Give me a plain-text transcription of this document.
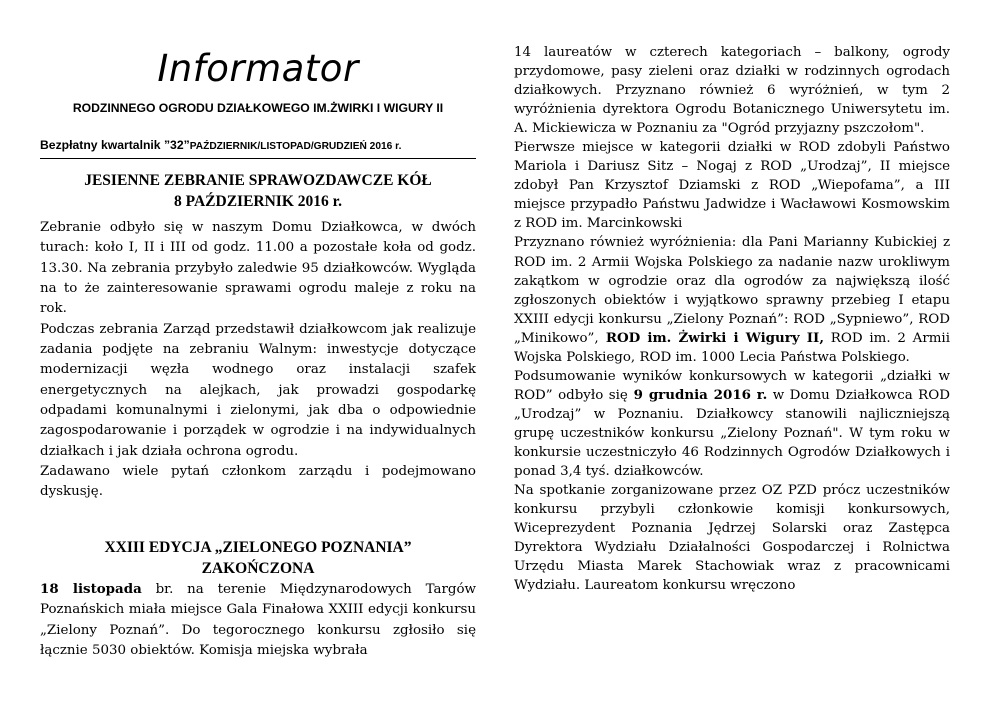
Informator
RODZINNEGO OGRODU DZIAŁKOWEGO IM.ŻWIRKI I WIGURY II
Bezpłatny kwartalnik ”32”PAŹDZIERNIK/LISTOPAD/GRUDZIEŃ 2016 r.
JESIENNE ZEBRANIE SPRAWOZDAWCZE KÓŁ
8 PAŹDZIERNIK 2016 r.

Zebranie odbyło się w naszym Domu Działkowca, w dwóch turach: koło I, II i III od godz. 11.00 a pozostałe koła od godz. 13.30. Na zebrania przybyło zaledwie 95 działkowców. Wygląda na to że zainteresowanie sprawami ogrodu maleje z roku na rok.

Podczas zebrania Zarząd przedstawił działkowcom jak realizuje zadania podjęte na zebraniu Walnym: inwestycje dotyczące modernizacji węzła wodnego oraz instalacji szafek energetycznych na alejkach, jak prowadzi gospodarkę odpadami komunalnymi i zielonymi, jak dba o odpowiednie zagospodarowanie i porządek w ogrodzie i na indywidualnych działkach i jak działa ochrona ogrodu.

Zadawano wiele pytań członkom zarządu i podejmowano dyskusję.

XXIII EDYCJA „ZIELONEGO POZNANIA”
ZAKOŃCZONA

18 listopada br. na terenie Międzynarodowych Targów Poznańskich miała miejsce Gala Finałowa XXIII edycji konkursu „Zielony Poznań”. Do tegorocznego konkursu zgłosiło się łącznie 5030 obiektów. Komisja miejska wybrała

14 laureatów w czterech kategoriach – balkony, ogrody przydomowe, pasy zieleni oraz działki w rodzinnych ogrodach działkowych. Przyznano również 6 wyróżnień, w tym 2 wyróżnienia dyrektora Ogrodu Botanicznego Uniwersytetu im. A. Mickiewicza w Poznaniu za "Ogród przyjazny pszczołom".

Pierwsze miejsce w kategorii działki w ROD zdobyli Państwo Mariola i Dariusz Sitz – Nogaj z ROD „Urodzaj”, II miejsce zdobył Pan Krzysztof Dziamski z ROD „Wiepofama”, a III miejsce przypadło Państwu Jadwidze i Wacławowi Kosmowskim z ROD im. Marcinkowski

Przyznano również wyróżnienia: dla Pani Marianny Kubickiej z ROD im. 2 Armii Wojska Polskiego za nadanie nazw urokliwym zakątkom w ogrodzie oraz dla ogrodów za największą ilość zgłoszonych obiektów i wyjątkowo sprawny przebieg I etapu XXIII edycji konkursu „Zielony Poznań”: ROD „Sypniewo”, ROD „Minikowo”, ROD im. Żwirki i Wigury II, ROD im. 2 Armii Wojska Polskiego, ROD im. 1000 Lecia Państwa Polskiego.

Podsumowanie wyników konkursowych w kategorii „działki w ROD” odbyło się 9 grudnia 2016 r. w Domu Działkowca ROD „Urodzaj” w Poznaniu. Działkowcy stanowili najliczniejszą grupę uczestników konkursu „Zielony Poznań". W tym roku w konkursie uczestniczyło 46 Rodzinnych Ogrodów Działkowych i ponad 3,4 tyś. działkowców.

Na spotkanie zorganizowane przez OZ PZD prócz uczestników konkursu przybyli członkowie komisji konkursowych, Wiceprezydent Poznania Jędrzej Solarski oraz Zastępca Dyrektora Wydziału Działalności Gospodarczej i Rolnictwa Urzędu Miasta Marek Stachowiak wraz z pracownicami Wydziału. Laureatom konkursu wręczono
